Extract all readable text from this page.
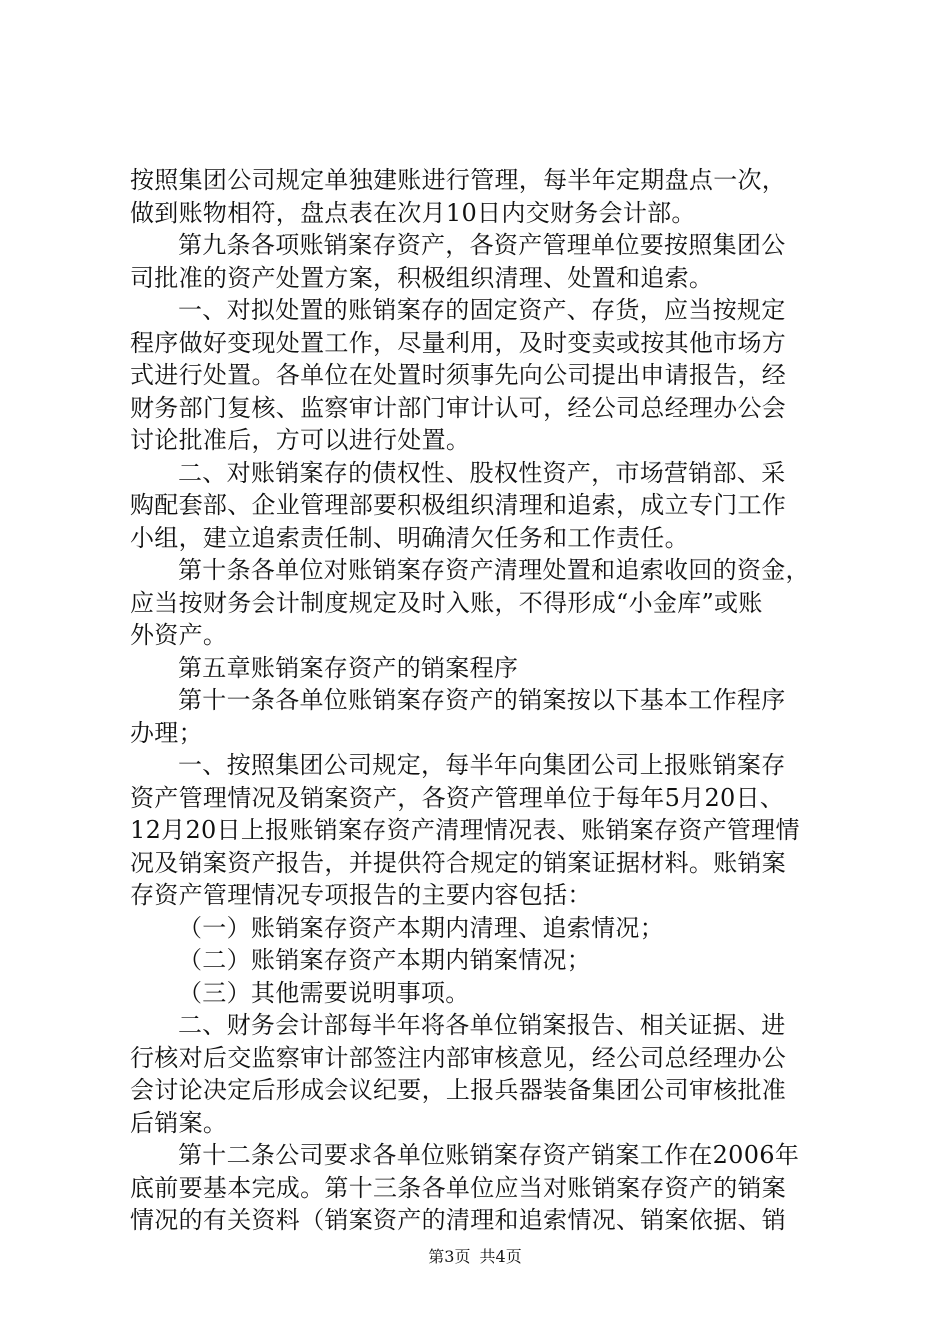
按照集团公司规定单独建账进行管理，每半年定期盘点一次，
做到账物相符，盘点表在次月10日内交财务会计部。
第九条各项账销案存资产，各资产管理单位要按照集团公
司批准的资产处置方案，积极组织清理、处置和追索。
一、对拟处置的账销案存的固定资产、存货，应当按规定
程序做好变现处置工作，尽量利用，及时变卖或按其他市场方
式进行处置。各单位在处置时须事先向公司提出申请报告，经
财务部门复核、监察审计部门审计认可，经公司总经理办公会
讨论批准后，方可以进行处置。
二、对账销案存的债权性、股权性资产，市场营销部、采
购配套部、企业管理部要积极组织清理和追索，成立专门工作
小组，建立追索责任制、明确清欠任务和工作责任。
第十条各单位对账销案存资产清理处置和追索收回的资金，
应当按财务会计制度规定及时入账，不得形成“小金库”或账
外资产。
第五章账销案存资产的销案程序
第十一条各单位账销案存资产的销案按以下基本工作程序
办理；
一、按照集团公司规定，每半年向集团公司上报账销案存
资产管理情况及销案资产，各资产管理单位于每年5月20日、
12月20日上报账销案存资产清理情况表、账销案存资产管理情
况及销案资产报告，并提供符合规定的销案证据材料。账销案
存资产管理情况专项报告的主要内容包括：
（一）账销案存资产本期内清理、追索情况；
（二）账销案存资产本期内销案情况；
（三）其他需要说明事项。
二、财务会计部每半年将各单位销案报告、相关证据、进
行核对后交监察审计部签注内部审核意见，经公司总经理办公
会讨论决定后形成会议纪要，上报兵器装备集团公司审核批准
后销案。
第十二条公司要求各单位账销案存资产销案工作在2006年
底前要基本完成。第十三条各单位应当对账销案存资产的销案
情况的有关资料（销案资产的清理和追索情况、销案依据、销
第3页 共4页
